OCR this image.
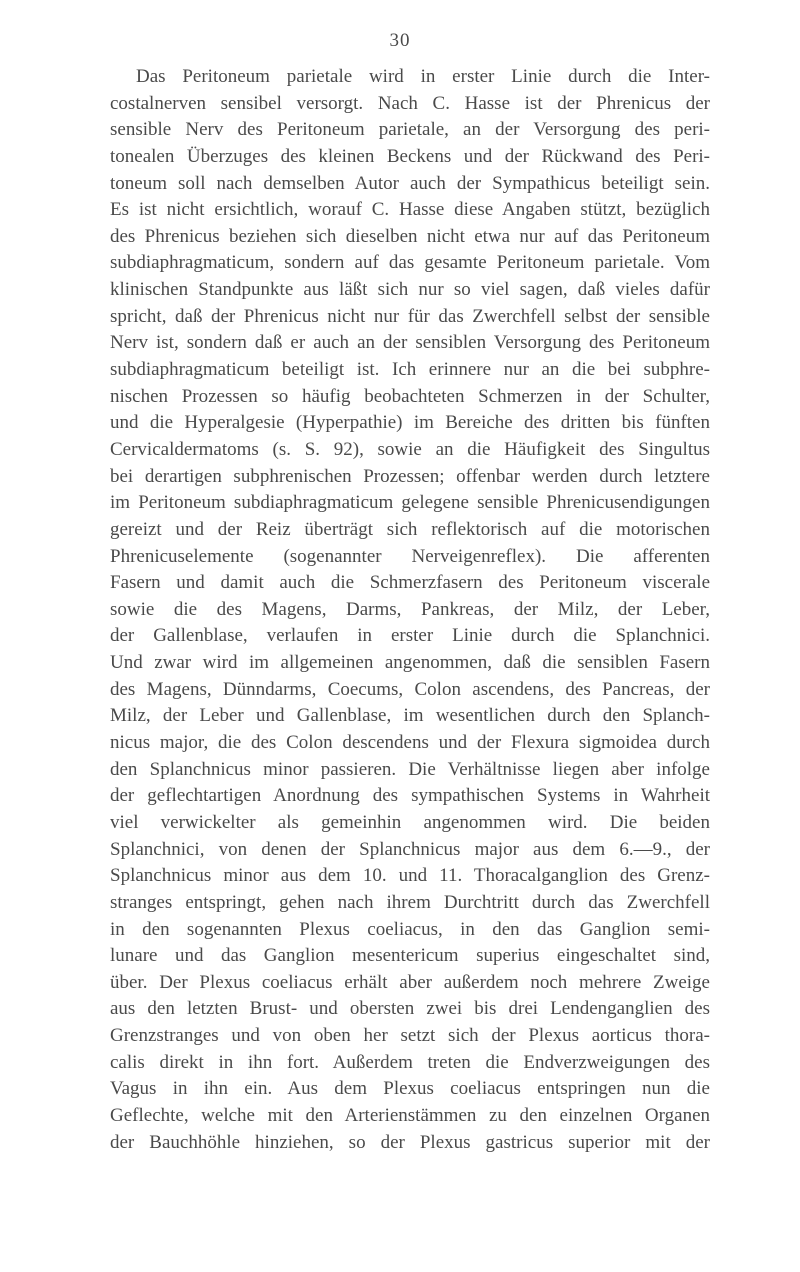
30
Das Peritoneum parietale wird in erster Linie durch die Inter-
costalnerven sensibel versorgt. Nach C. Hasse ist der Phrenicus der
sensible Nerv des Peritoneum parietale, an der Versorgung des peri-
tonealen Überzuges des kleinen Beckens und der Rückwand des Peri-
toneum soll nach demselben Autor auch der Sympathicus beteiligt sein.
Es ist nicht ersichtlich, worauf C. Hasse diese Angaben stützt, bezüglich
des Phrenicus beziehen sich dieselben nicht etwa nur auf das Peritoneum
subdiaphragmaticum, sondern auf das gesamte Peritoneum parietale. Vom
klinischen Standpunkte aus läßt sich nur so viel sagen, daß vieles dafür
spricht, daß der Phrenicus nicht nur für das Zwerchfell selbst der sensible
Nerv ist, sondern daß er auch an der sensiblen Versorgung des Peritoneum
subdiaphragmaticum beteiligt ist. Ich erinnere nur an die bei subphre-
nischen Prozessen so häufig beobachteten Schmerzen in der Schulter,
und die Hyperalgesie (Hyperpathie) im Bereiche des dritten bis fünften
Cervicaldermatoms (s. S. 92), sowie an die Häufigkeit des Singultus
bei derartigen subphrenischen Prozessen; offenbar werden durch letztere
im Peritoneum subdiaphragmaticum gelegene sensible Phrenicusendigungen
gereizt und der Reiz überträgt sich reflektorisch auf die motorischen
Phrenicuselemente (sogenannter Nerveigenreflex). Die afferenten
Fasern und damit auch die Schmerzfasern des Peritoneum viscerale
sowie die des Magens, Darms, Pankreas, der Milz, der Leber,
der Gallenblase, verlaufen in erster Linie durch die Splanchnici.
Und zwar wird im allgemeinen angenommen, daß die sensiblen Fasern
des Magens, Dünndarms, Coecums, Colon ascendens, des Pancreas, der
Milz, der Leber und Gallenblase, im wesentlichen durch den Splanch-
nicus major, die des Colon descendens und der Flexura sigmoidea durch
den Splanchnicus minor passieren. Die Verhältnisse liegen aber infolge
der geflechtartigen Anordnung des sympathischen Systems in Wahrheit
viel verwickelter als gemeinhin angenommen wird. Die beiden
Splanchnici, von denen der Splanchnicus major aus dem 6.—9., der
Splanchnicus minor aus dem 10. und 11. Thoracalganglion des Grenz-
stranges entspringt, gehen nach ihrem Durchtritt durch das Zwerchfell
in den sogenannten Plexus coeliacus, in den das Ganglion semi-
lunare und das Ganglion mesentericum superius eingeschaltet sind,
über. Der Plexus coeliacus erhält aber außerdem noch mehrere Zweige
aus den letzten Brust- und obersten zwei bis drei Lendenganglien des
Grenzstranges und von oben her setzt sich der Plexus aorticus thora-
calis direkt in ihn fort. Außerdem treten die Endverzweigungen des
Vagus in ihn ein. Aus dem Plexus coeliacus entspringen nun die
Geflechte, welche mit den Arterienstämmen zu den einzelnen Organen
der Bauchhöhle hinziehen, so der Plexus gastricus superior mit der
